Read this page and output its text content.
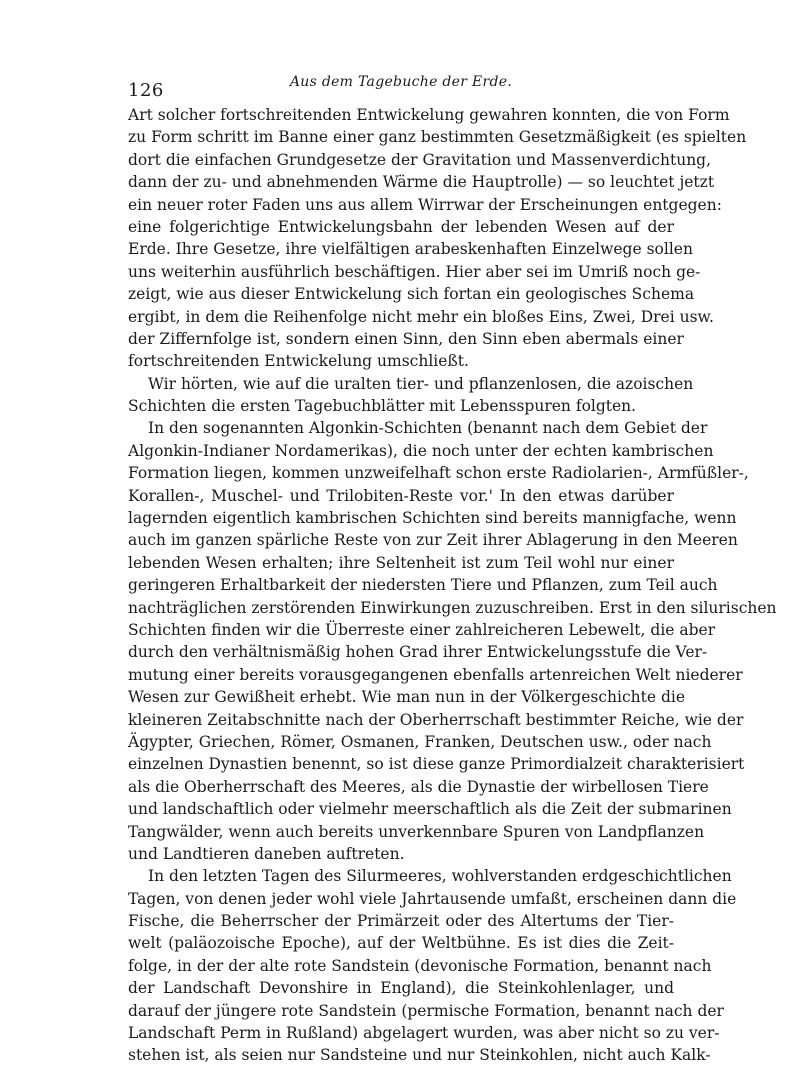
126	Aus dem Tagebuche der Erde.
Art solcher fortschreitenden Entwickelung gewahren konnten, die von Form
zu Form schritt im Banne einer ganz bestimmten Gesetzmäßigkeit (es spielten
dort die einfachen Grundgesetze der Gravitation und Massenverdichtung,
dann der zu- und abnehmenden Wärme die Hauptrolle) — so leuchtet jetzt
ein neuer roter Faden uns aus allem Wirrwar der Erscheinungen entgegen:
eine folgerichtige Entwickelungsbahn der lebenden Wesen auf der
Erde. Ihre Gesetze, ihre vielfältigen arabeskenhaften Einzelwege sollen
uns weiterhin ausführlich beschäftigen. Hier aber sei im Umriß noch ge-
zeigt, wie aus dieser Entwickelung sich fortan ein geologisches Schema
ergibt, in dem die Reihenfolge nicht mehr ein bloßes Eins, Zwei, Drei usw.
der Ziffernfolge ist, sondern einen Sinn, den Sinn eben abermals einer
fortschreitenden Entwickelung umschließt.
Wir hörten, wie auf die uralten tier- und pflanzenlosen, die azoischen
Schichten die ersten Tagebuchblätter mit Lebensspuren folgten.
In den sogenannten Algonkin-Schichten (benannt nach dem Gebiet der
Algonkin-Indianer Nordamerikas), die noch unter der echten kambrischen
Formation liegen, kommen unzweifelhaft schon erste Radiolarien-, Armfüßler-,
Korallen-, Muschel- und Trilobiten-Reste vor.' In den etwas darüber
lagernden eigentlich kambrischen Schichten sind bereits mannigfache, wenn
auch im ganzen spärliche Reste von zur Zeit ihrer Ablagerung in den Meeren
lebenden Wesen erhalten; ihre Seltenheit ist zum Teil wohl nur einer
geringeren Erhaltbarkeit der niedersten Tiere und Pflanzen, zum Teil auch
nachträglichen zerstörenden Einwirkungen zuzuschreiben. Erst in den silurischen
Schichten finden wir die Überreste einer zahlreicheren Lebewelt, die aber
durch den verhältnismäßig hohen Grad ihrer Entwickelungsstufe die Ver-
mutung einer bereits vorausgegangenen ebenfalls artenreichen Welt niederer
Wesen zur Gewißheit erhebt. Wie man nun in der Völkergeschichte die
kleineren Zeitabschnitte nach der Oberherrschaft bestimmter Reiche, wie der
Ägypter, Griechen, Römer, Osmanen, Franken, Deutschen usw., oder nach
einzelnen Dynastien benennt, so ist diese ganze Primordialzeit charakterisiert
als die Oberherrschaft des Meeres, als die Dynastie der wirbellosen Tiere
und landschaftlich oder vielmehr meerschaftlich als die Zeit der submarinen
Tangwälder, wenn auch bereits unverkennbare Spuren von Landpflanzen
und Landtieren daneben auftreten.
In den letzten Tagen des Silurmeeres, wohlverstanden erdgeschichtlichen
Tagen, von denen jeder wohl viele Jahrtausende umfaßt, erscheinen dann die
Fische, die Beherrscher der Primärzeit oder des Altertums der Tier-
welt (paläozoische Epoche), auf der Weltbühne. Es ist dies die Zeit-
folge, in der der alte rote Sandstein (devonische Formation, benannt nach
der Landschaft Devonshire in England), die Steinkohlenlager, und
darauf der jüngere rote Sandstein (permische Formation, benannt nach der
Landschaft Perm in Rußland) abgelagert wurden, was aber nicht so zu ver-
stehen ist, als seien nur Sandsteine und nur Steinkohlen, nicht auch Kalk-
